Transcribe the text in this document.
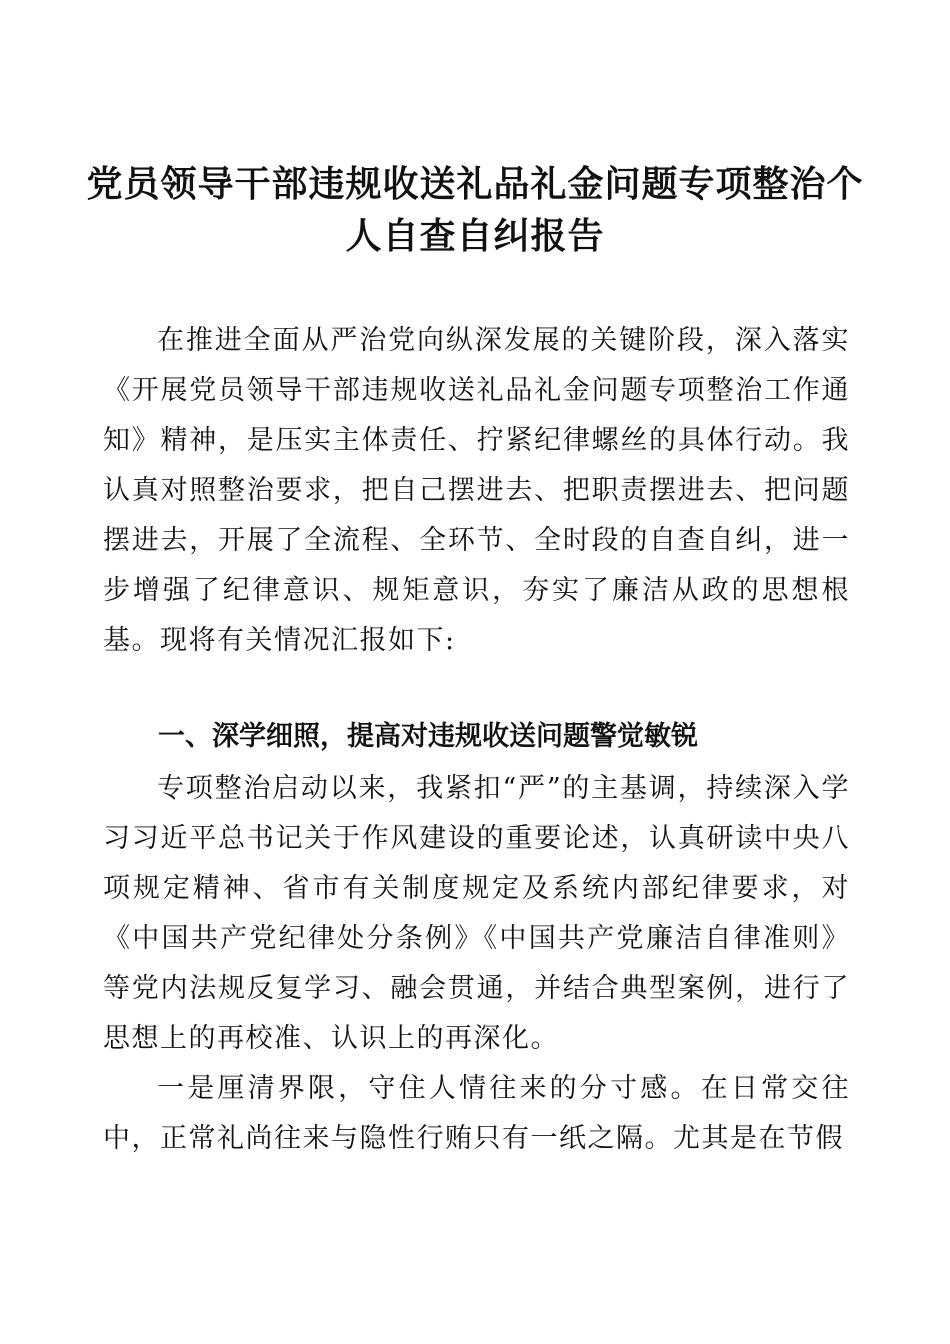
党员领导干部违规收送礼品礼金问题专项整治个人自查自纠报告

在推进全面从严治党向纵深发展的关键阶段，深入落实《开展党员领导干部违规收送礼品礼金问题专项整治工作通知》精神，是压实主体责任、拧紧纪律螺丝的具体行动。我认真对照整治要求，把自己摆进去、把职责摆进去、把问题摆进去，开展了全流程、全环节、全时段的自查自纠，进一步增强了纪律意识、规矩意识，夯实了廉洁从政的思想根基。现将有关情况汇报如下:

一、深学细照，提高对违规收送问题警觉敏锐

专项整治启动以来，我紧扣“严”的主基调，持续深入学习习近平总书记关于作风建设的重要论述，认真研读中央八项规定精神、省市有关制度规定及系统内部纪律要求，对《中国共产党纪律处分条例》《中国共产党廉洁自律准则》等党内法规反复学习、融会贯通，并结合典型案例，进行了思想上的再校准、认识上的再深化。

一是厘清界限，守住人情往来的分寸感。在日常交往中，正常礼尚往来与隐性行贿只有一纸之隔。尤其是在节假
